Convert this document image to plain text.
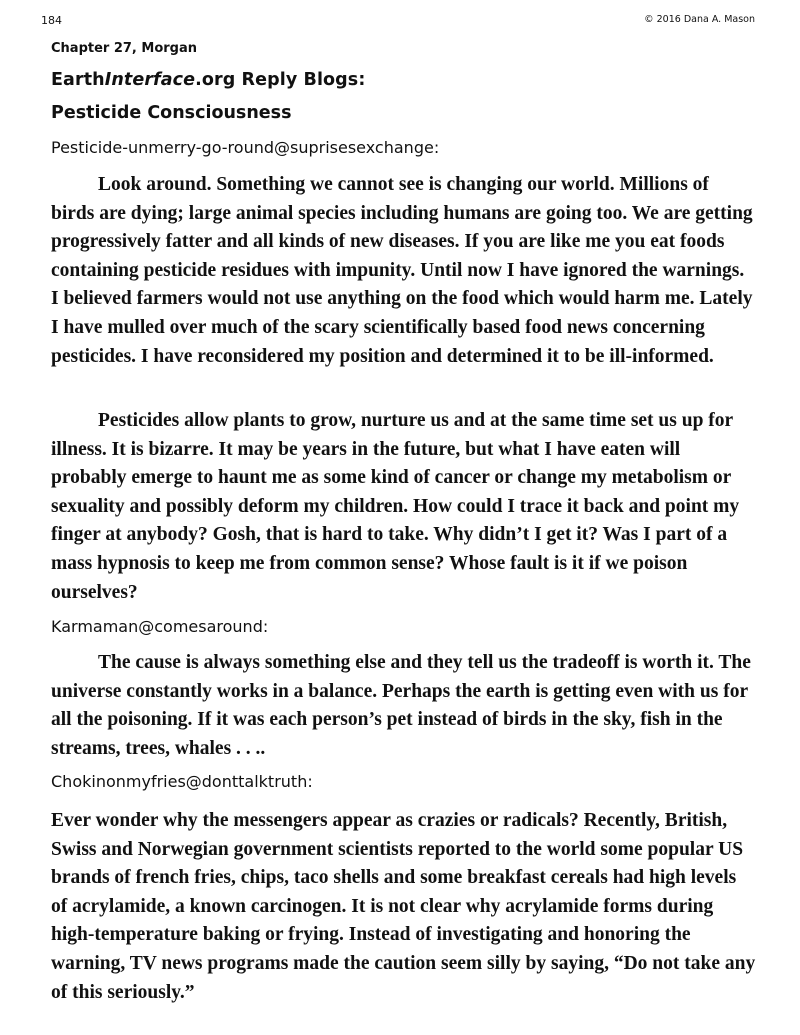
184	© 2016 Dana A. Mason
Chapter 27, Morgan
EarthInterface.org Reply Blogs:
Pesticide Consciousness
Pesticide-unmerry-go-round@suprisesexchange:

Look around. Something we cannot see is changing our world. Millions of birds are dying; large animal species including humans are going too. We are getting progressively fatter and all kinds of new diseases. If you are like me you eat foods containing pesticide residues with impunity. Until now I have ignored the warnings. I believed farmers would not use anything on the food which would harm me. Lately I have mulled over much of the scary scientifically based food news concerning pesticides. I have reconsidered my position and determined it to be ill-informed.

Pesticides allow plants to grow, nurture us and at the same time set us up for illness. It is bizarre. It may be years in the future, but what I have eaten will probably emerge to haunt me as some kind of cancer or change my metabolism or sexuality and possibly deform my children. How could I trace it back and point my finger at anybody? Gosh, that is hard to take. Why didn’t I get it? Was I part of a mass hypnosis to keep me from common sense? Whose fault is it if we poison ourselves?

Karmaman@comesaround:

The cause is always something else and they tell us the tradeoff is worth it. The universe constantly works in a balance. Perhaps the earth is getting even with us for all the poisoning. If it was each person’s pet instead of birds in the sky, fish in the streams, trees, whales . . ..

Chokinonmyfries@donttalktruth:

Ever wonder why the messengers appear as crazies or radicals? Recently, British, Swiss and Norwegian government scientists reported to the world some popular US brands of french fries, chips, taco shells and some breakfast cereals had high levels of acrylamide, a known carcinogen. It is not clear why acrylamide forms during high-temperature baking or frying. Instead of investigating and honoring the warning, TV news programs made the caution seem silly by saying, “Do not take any of this seriously.”
